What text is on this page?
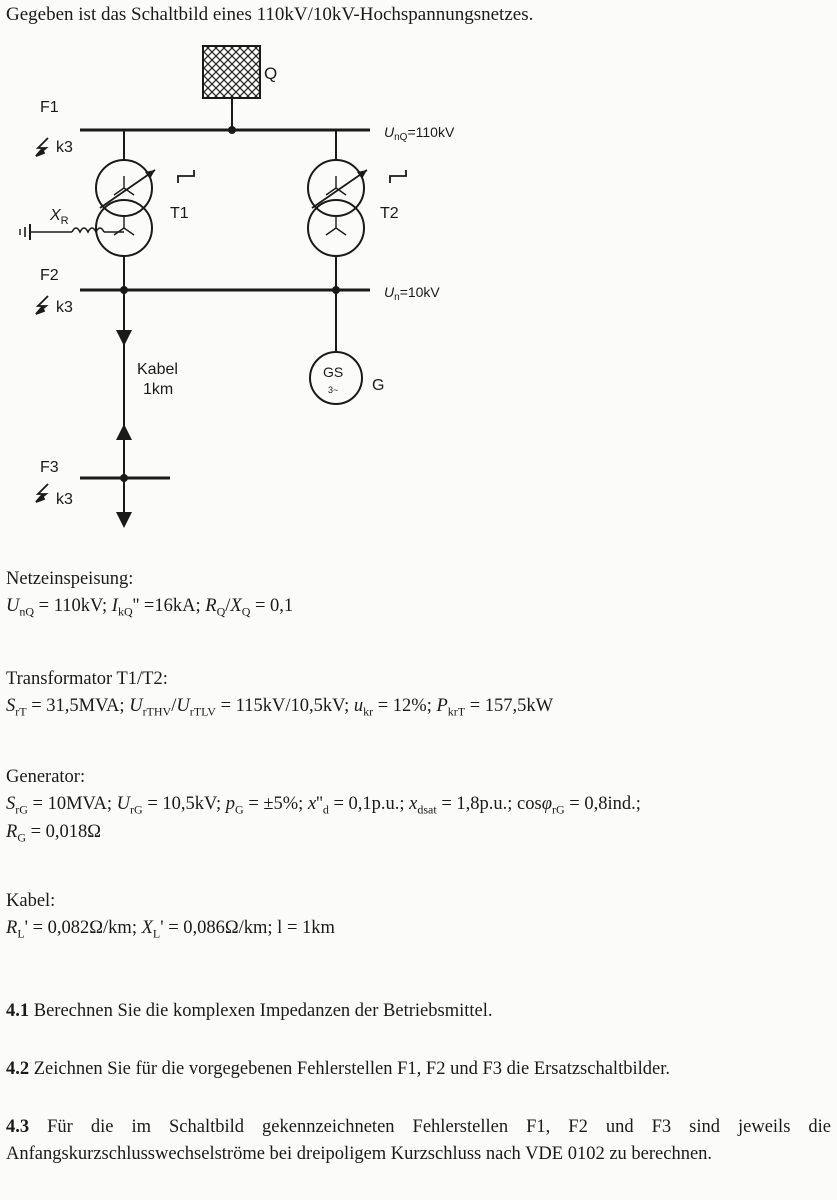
Gegeben ist das Schaltbild eines 110kV/10kV-Hochspannungsnetzes.
Q
$U_{nQ}=110kV$
$U_n=10kV$
T1	T2
$X_R$
F1
k3
F2
k3
F3
k3
Kabel
1km
GS
3~ G
Netzeinspeisung:
$U_{nQ} = 110kV$; $I_{kQ}'' =16kA$; $R_Q/X_Q = 0,1$
Transformator T1/T2:
$S_{rT} = 31,5MVA$; $U_{rTHV}/U_{rTLV} = 115kV/10,5kV$; $u_{kr} = 12\%$; $P_{krT} = 157,5kW$
Generator:
$S_{rG} = 10MVA$; $U_{rG} = 10,5kV$; $p_G = \pm 5\%$; $x''_d = 0,1p.u$.; $x_{dsat} = 1,8p.u$.; cosφ$_{rG}$ = 0,8ind.;
$R_G = 0,018\Omega$
Kabel:
$R_L' = 0,082\Omega/km$; $X_L' = 0,086\Omega/km$; l = 1km
4.1 Berechnen Sie die komplexen Impedanzen der Betriebsmittel.
4.2 Zeichnen Sie für die vorgegebenen Fehlerstellen F1, F2 und F3 die Ersatzschaltbilder.
4.3 Für die im Schaltbild gekennzeichneten Fehlerstellen F1, F2 und F3 sind jeweils die Anfangskurzschlusswechselströme bei dreipoligem Kurzschluss nach VDE 0102 zu berechnen.
